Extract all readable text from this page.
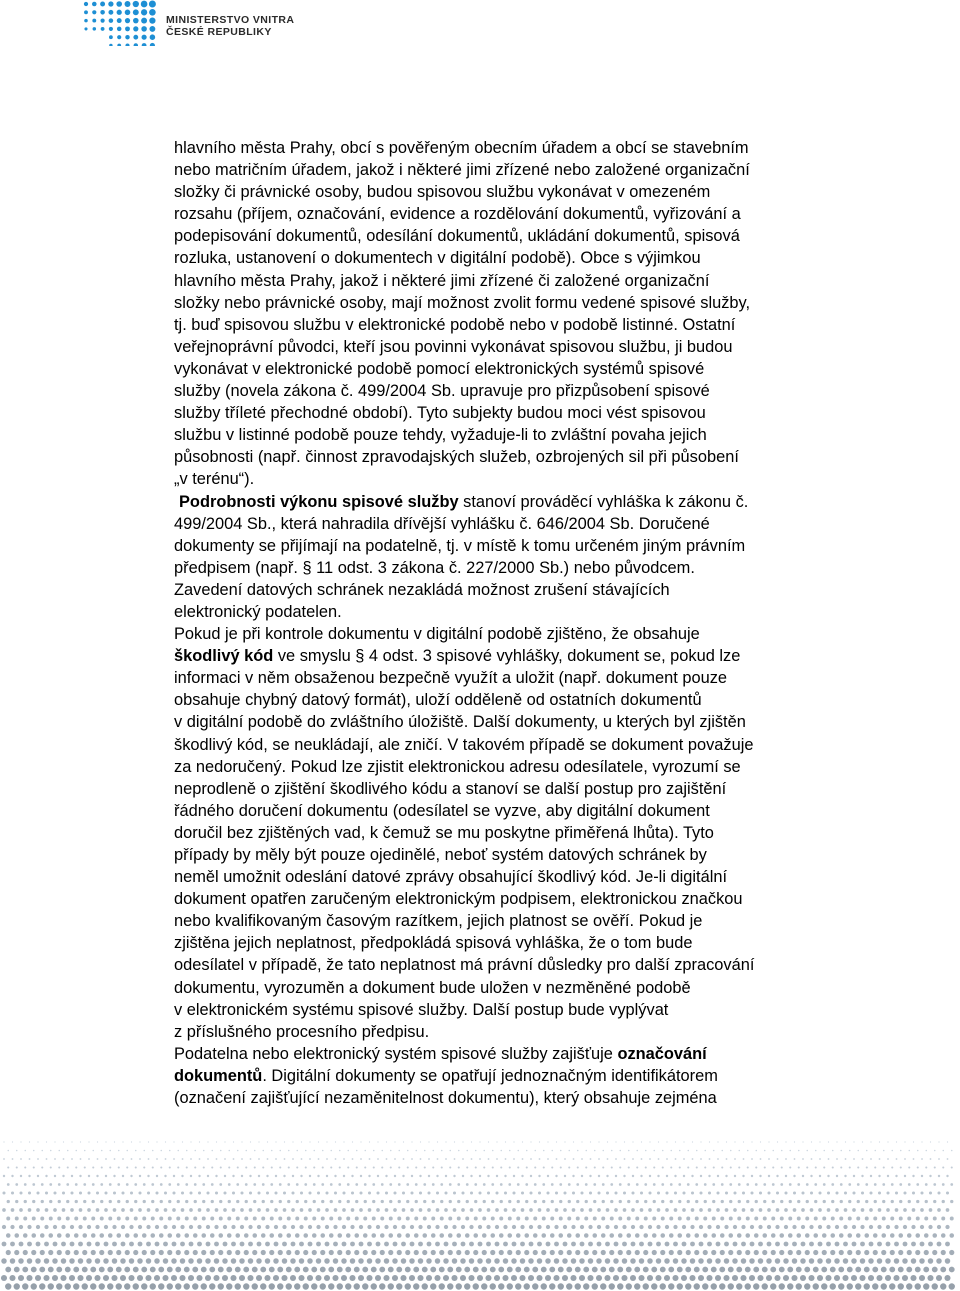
MINISTERSTVO VNITRA
ČESKÉ REPUBLIKY

hlavního města Prahy, obcí s pověřeným obecním úřadem a obcí se stavebním
nebo matričním úřadem, jakož i některé jimi zřízené nebo založené organizační
složky či právnické osoby, budou spisovou službu vykonávat v omezeném
rozsahu (příjem, označování, evidence a rozdělování dokumentů, vyřizování a
podepisování dokumentů, odesílání dokumentů, ukládání dokumentů, spisová
rozluka, ustanovení o dokumentech v digitální podobě). Obce s výjimkou
hlavního města Prahy, jakož i některé jimi zřízené či založené organizační
složky nebo právnické osoby, mají možnost zvolit formu vedené spisové služby,
tj. buď spisovou službu v elektronické podobě nebo v podobě listinné. Ostatní
veřejnoprávní původci, kteří jsou povinni vykonávat spisovou službu, ji budou
vykonávat v elektronické podobě pomocí elektronických systémů spisové
služby (novela zákona č. 499/2004 Sb. upravuje pro přizpůsobení spisové
služby tříleté přechodné období). Tyto subjekty budou moci vést spisovou
službu v listinné podobě pouze tehdy, vyžaduje-li to zvláštní povaha jejich
působnosti (např. činnost zpravodajských služeb, ozbrojených sil při působení
„v terénu“).

Podrobnosti výkonu spisové služby stanoví prováděcí vyhláška k zákonu č.
499/2004 Sb., která nahradila dřívější vyhlášku č. 646/2004 Sb. Doručené
dokumenty se přijímají na podatelně, tj. v místě k tomu určeném jiným právním
předpisem (např. § 11 odst. 3 zákona č. 227/2000 Sb.) nebo původcem.
Zavedení datových schránek nezakládá možnost zrušení stávajících
elektronický podatelen.

Pokud je při kontrole dokumentu v digitální podobě zjištěno, že obsahuje
škodlivý kód ve smyslu § 4 odst. 3 spisové vyhlášky, dokument se, pokud lze
informaci v něm obsaženou bezpečně využít a uložit (např. dokument pouze
obsahuje chybný datový formát), uloží odděleně od ostatních dokumentů
v digitální podobě do zvláštního úložiště. Další dokumenty, u kterých byl zjištěn
škodlivý kód, se neukládají, ale zničí. V takovém případě se dokument považuje
za nedoručený. Pokud lze zjistit elektronickou adresu odesílatele, vyrozumí se
neprodleně o zjištění škodlivého kódu a stanoví se další postup pro zajištění
řádného doručení dokumentu (odesílatel se vyzve, aby digitální dokument
doručil bez zjištěných vad, k čemuž se mu poskytne přiměřená lhůta). Tyto
případy by měly být pouze ojedinělé, neboť systém datových schránek by
neměl umožnit odeslání datové zprávy obsahující škodlivý kód. Je-li digitální
dokument opatřen zaručeným elektronickým podpisem, elektronickou značkou
nebo kvalifikovaným časovým razítkem, jejich platnost se ověří. Pokud je
zjištěna jejich neplatnost, předpokládá spisová vyhláška, že o tom bude
odesílatel v případě, že tato neplatnost má právní důsledky pro další zpracování
dokumentu, vyrozuměn a dokument bude uložen v nezměněné podobě
v elektronickém systému spisové služby. Další postup bude vyplývat
z příslušného procesního předpisu.

Podatelna nebo elektronický systém spisové služby zajišťuje označování
dokumentů. Digitální dokumenty se opatřují jednoznačným identifikátorem
(označení zajišťující nezaměnitelnost dokumentu), který obsahuje zejména
